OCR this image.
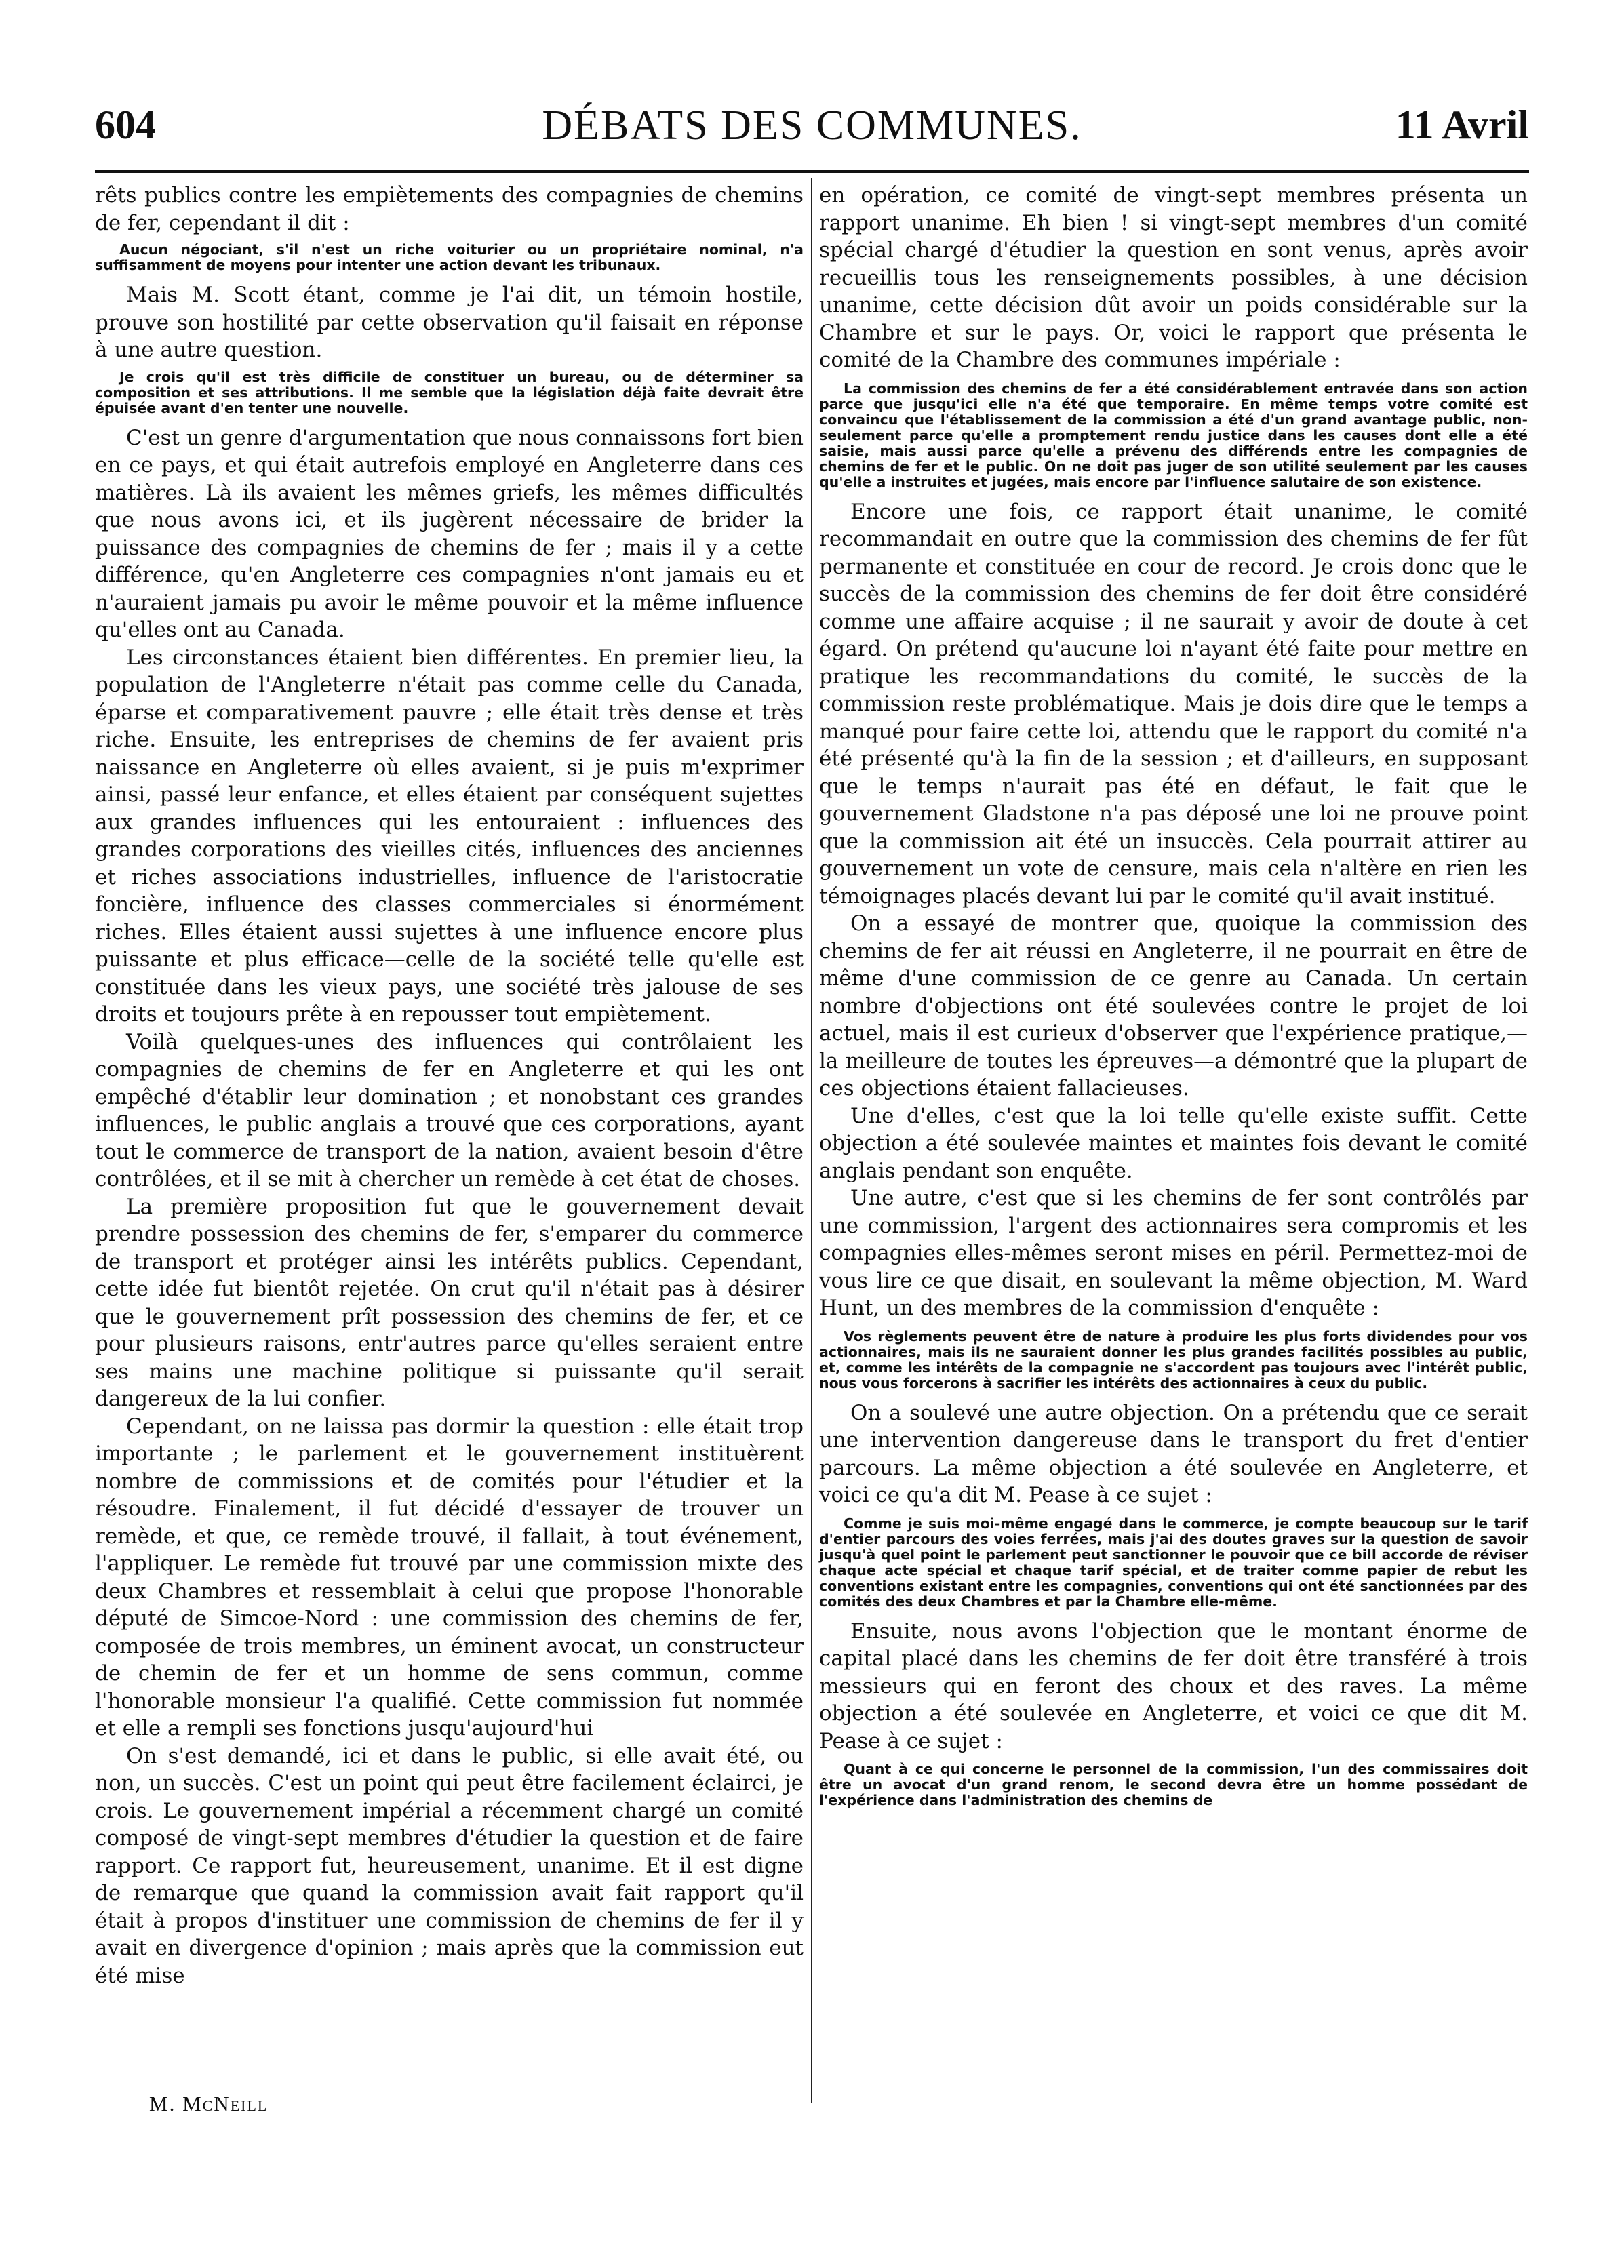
604	DÉBATS DES COMMUNES.	11 Avril

rêts publics contre les empiètements des compagnies de chemins de fer, cependant il dit :

Aucun négociant, s'il n'est un riche voiturier ou un propriétaire nominal, n'a suffisamment de moyens pour intenter une action devant les tribunaux.

Mais M. Scott étant, comme je l'ai dit, un témoin hostile, prouve son hostilité par cette observation qu'il faisait en réponse à une autre question.

Je crois qu'il est très difficile de constituer un bureau, ou de déterminer sa composition et ses attributions. Il me semble que la législation déjà faite devrait être épuisée avant d'en tenter une nouvelle.

C'est un genre d'argumentation que nous connaissons fort bien en ce pays, et qui était autrefois employé en Angleterre dans ces matières. Là ils avaient les mêmes griefs, les mêmes difficultés que nous avons ici, et ils jugèrent nécessaire de brider la puissance des compagnies de chemins de fer ; mais il y a cette différence, qu'en Angleterre ces compagnies n'ont jamais eu et n'auraient jamais pu avoir le même pouvoir et la même influence qu'elles ont au Canada.

Les circonstances étaient bien différentes. En premier lieu, la population de l'Angleterre n'était pas comme celle du Canada, éparse et comparativement pauvre ; elle était très dense et très riche. Ensuite, les entreprises de chemins de fer avaient pris naissance en Angleterre où elles avaient, si je puis m'exprimer ainsi, passé leur enfance, et elles étaient par conséquent sujettes aux grandes influences qui les entouraient : influences des grandes corporations des vieilles cités, influences des anciennes et riches associations industrielles, influence de l'aristocratie foncière, influence des classes commerciales si énormément riches. Elles étaient aussi sujettes à une influence encore plus puissante et plus efficace—celle de la société telle qu'elle est constituée dans les vieux pays, une société très jalouse de ses droits et toujours prête à en repousser tout empiètement.

Voilà quelques-unes des influences qui contrôlaient les compagnies de chemins de fer en Angleterre et qui les ont empêché d'établir leur domination ; et nonobstant ces grandes influences, le public anglais a trouvé que ces corporations, ayant tout le commerce de transport de la nation, avaient besoin d'être contrôlées, et il se mit à chercher un remède à cet état de choses.

La première proposition fut que le gouvernement devait prendre possession des chemins de fer, s'emparer du commerce de transport et protéger ainsi les intérêts publics. Cependant, cette idée fut bientôt rejetée. On crut qu'il n'était pas à désirer que le gouvernement prît possession des chemins de fer, et ce pour plusieurs raisons, entr'autres parce qu'elles seraient entre ses mains une machine politique si puissante qu'il serait dangereux de la lui confier.

Cependant, on ne laissa pas dormir la question : elle était trop importante ; le parlement et le gouvernement instituèrent nombre de commissions et de comités pour l'étudier et la résoudre. Finalement, il fut décidé d'essayer de trouver un remède, et que, ce remède trouvé, il fallait, à tout événement, l'appliquer. Le remède fut trouvé par une commission mixte des deux Chambres et ressemblait à celui que propose l'honorable député de Simcoe-Nord : une commission des chemins de fer, composée de trois membres, un éminent avocat, un constructeur de chemin de fer et un homme de sens commun, comme l'honorable monsieur l'a qualifié. Cette commission fut nommée et elle a rempli ses fonctions jusqu'aujourd'hui

On s'est demandé, ici et dans le public, si elle avait été, ou non, un succès. C'est un point qui peut être facilement éclairci, je crois. Le gouvernement impérial a récemment chargé un comité composé de vingt-sept membres d'étudier la question et de faire rapport. Ce rapport fut, heureusement, unanime. Et il est digne de remarque que quand la commission avait fait rapport qu'il était à propos d'instituer une commission de chemins de fer il y avait en divergence d'opinion ; mais après que la commission eut été mise

en opération, ce comité de vingt-sept membres présenta un rapport unanime. Eh bien ! si vingt-sept membres d'un comité spécial chargé d'étudier la question en sont venus, après avoir recueillis tous les renseignements possibles, à une décision unanime, cette décision dût avoir un poids considérable sur la Chambre et sur le pays. Or, voici le rapport que présenta le comité de la Chambre des communes impériale :

La commission des chemins de fer a été considérablement entravée dans son action parce que jusqu'ici elle n'a été que temporaire. En même temps votre comité est convaincu que l'établissement de la commission a été d'un grand avantage public, non-seulement parce qu'elle a promptement rendu justice dans les causes dont elle a été saisie, mais aussi parce qu'elle a prévenu des différends entre les compagnies de chemins de fer et le public. On ne doit pas juger de son utilité seulement par les causes qu'elle a instruites et jugées, mais encore par l'influence salutaire de son existence.

Encore une fois, ce rapport était unanime, le comité recommandait en outre que la commission des chemins de fer fût permanente et constituée en cour de record. Je crois donc que le succès de la commission des chemins de fer doit être considéré comme une affaire acquise ; il ne saurait y avoir de doute à cet égard. On prétend qu'aucune loi n'ayant été faite pour mettre en pratique les recommandations du comité, le succès de la commission reste problématique. Mais je dois dire que le temps a manqué pour faire cette loi, attendu que le rapport du comité n'a été présenté qu'à la fin de la session ; et d'ailleurs, en supposant que le temps n'aurait pas été en défaut, le fait que le gouvernement Gladstone n'a pas déposé une loi ne prouve point que la commission ait été un insuccès. Cela pourrait attirer au gouvernement un vote de censure, mais cela n'altère en rien les témoignages placés devant lui par le comité qu'il avait institué.

On a essayé de montrer que, quoique la commission des chemins de fer ait réussi en Angleterre, il ne pourrait en être de même d'une commission de ce genre au Canada. Un certain nombre d'objections ont été soulevées contre le projet de loi actuel, mais il est curieux d'observer que l'expérience pratique,—la meilleure de toutes les épreuves—a démontré que la plupart de ces objections étaient fallacieuses.

Une d'elles, c'est que la loi telle qu'elle existe suffit. Cette objection a été soulevée maintes et maintes fois devant le comité anglais pendant son enquête.

Une autre, c'est que si les chemins de fer sont contrôlés par une commission, l'argent des actionnaires sera compromis et les compagnies elles-mêmes seront mises en péril. Permettez-moi de vous lire ce que disait, en soulevant la même objection, M. Ward Hunt, un des membres de la commission d'enquête :

Vos règlements peuvent être de nature à produire les plus forts dividendes pour vos actionnaires, mais ils ne sauraient donner les plus grandes facilités possibles au public, et, comme les intérêts de la compagnie ne s'accordent pas toujours avec l'intérêt public, nous vous forcerons à sacrifier les intérêts des actionnaires à ceux du public.

On a soulevé une autre objection. On a prétendu que ce serait une intervention dangereuse dans le transport du fret d'entier parcours. La même objection a été soulevée en Angleterre, et voici ce qu'a dit M. Pease à ce sujet :

Comme je suis moi-même engagé dans le commerce, je compte beaucoup sur le tarif d'entier parcours des voies ferrées, mais j'ai des doutes graves sur la question de savoir jusqu'à quel point le parlement peut sanctionner le pouvoir que ce bill accorde de réviser chaque acte spécial et chaque tarif spécial, et de traiter comme papier de rebut les conventions existant entre les compagnies, conventions qui ont été sanctionnées par des comités des deux Chambres et par la Chambre elle-même.

Ensuite, nous avons l'objection que le montant énorme de capital placé dans les chemins de fer doit être transféré à trois messieurs qui en feront des choux et des raves. La même objection a été soulevée en Angleterre, et voici ce que dit M. Pease à ce sujet :

Quant à ce qui concerne le personnel de la commission, l'un des commissaires doit être un avocat d'un grand renom, le second devra être un homme possédant de l'expérience dans l'administration des chemins de

M. McNeill
